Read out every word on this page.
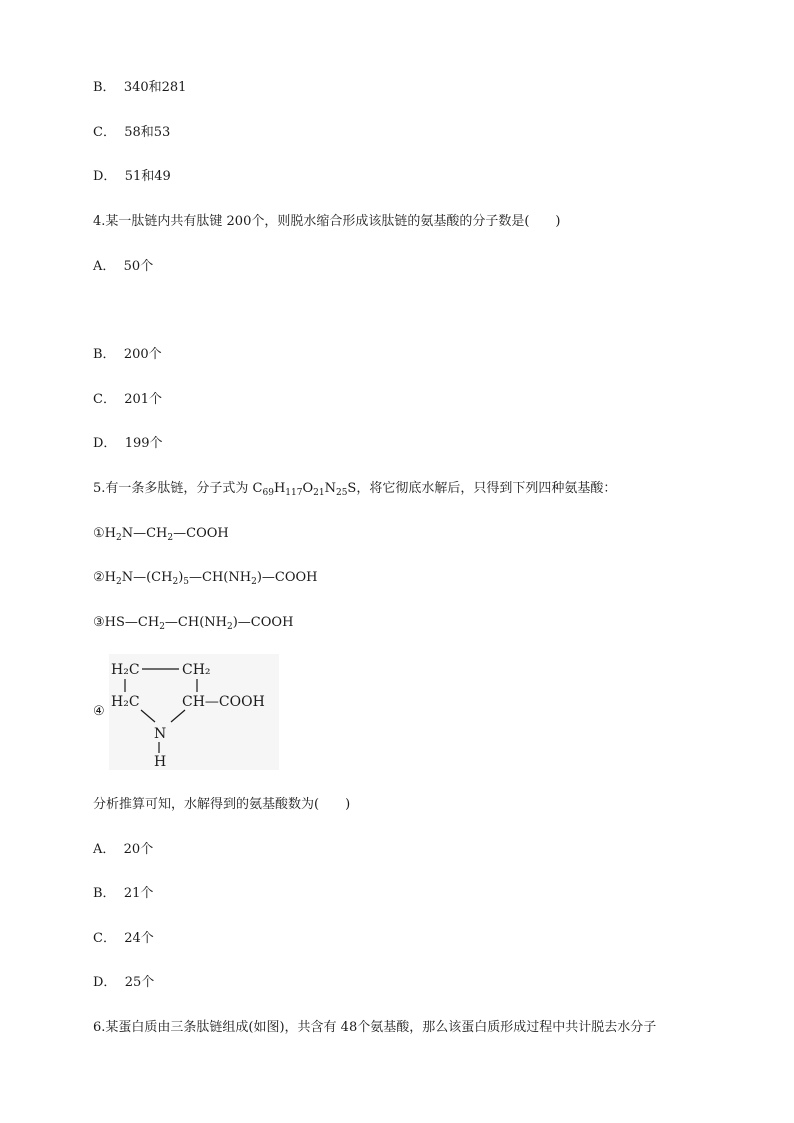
B． 340和281
C． 58和53
D． 51和49
4.某一肽链内共有肽键 200个，则脱水缩合形成该肽链的氨基酸的分子数是( )
A． 50个
B． 200个
C． 201个
D． 199个
5.有一条多肽链，分子式为 $C_{69}H_{117}O_{21}N_{25}S$，将它彻底水解后，只得到下列四种氨基酸：
$①H_2N—CH_2—COOH$
$②H_2N—(CH_2)_5—CH(NH_2)—COOH$
$③HS—CH_2—CH(NH_2)—COOH$
④
H₂C	CH₂
H₂C	CH—COOH
N
H
分析推算可知，水解得到的氨基酸数为( )
A． 20个
B． 21个
C． 24个
D． 25个
6.某蛋白质由三条肽链组成(如图)，共含有 48个氨基酸，那么该蛋白质形成过程中共计脱去水分子
